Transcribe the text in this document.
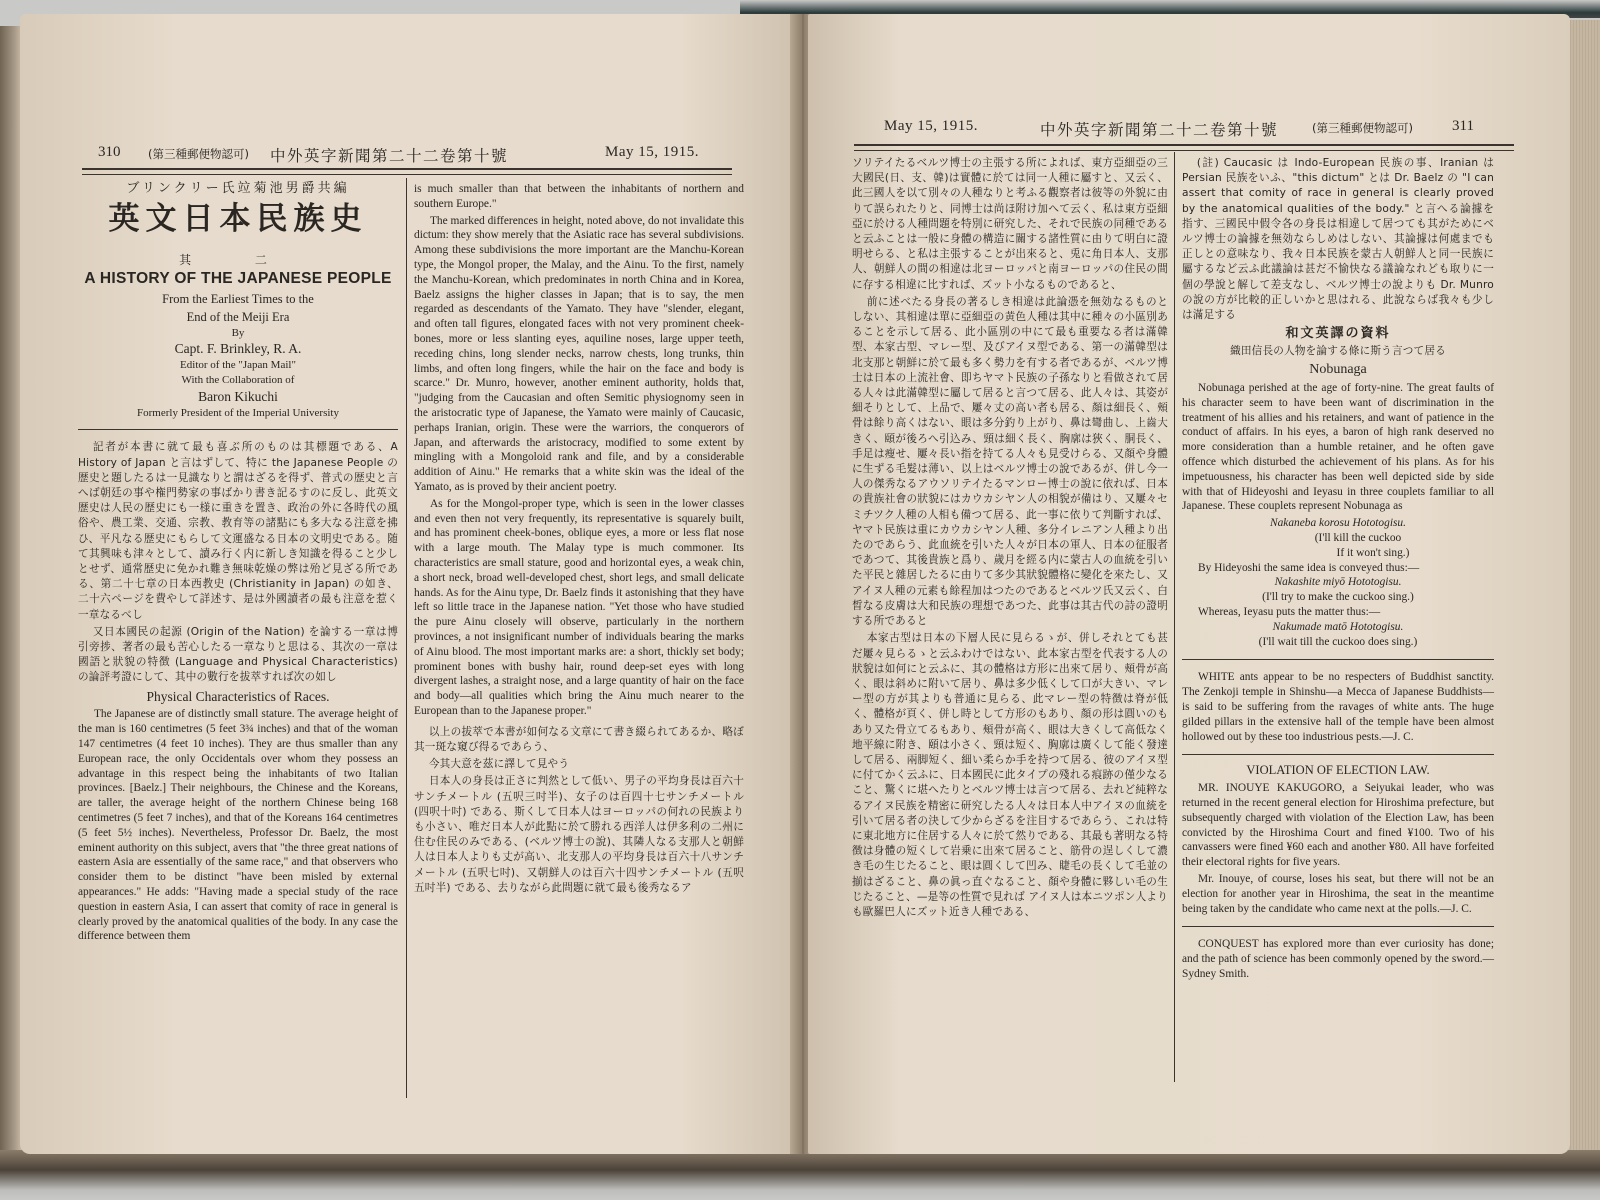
310 (第三種郵便物認可) 中外英字新聞第二十二卷第十號	May 15, 1915.
ブリンクリー氏竝菊池男爵共編
英文日本民族史
其 二
A HISTORY OF THE JAPANESE PEOPLE
From the Earliest Times to the
End of the Meiji Era
By
Capt. F. Brinkley, R. A.
Editor of the "Japan Mail"
With the Collaboration of
Baron Kikuchi
Formerly President of the Imperial University

記者が本書に就て最も喜ぶ所のものは其標題である、A History of Japan と言はずして、特に the Japanese People の歴史と題したるは一見識なりと謂はざるを得ず、普式の歴史と言へば朝廷の事や権門勢家の事ばかり書き記るすのに反し、此英文歴史は人民の歴史にも一様に重きを置き、政治の外に各時代の風俗や、農工業、交通、宗教、教育等の諸點にも多大なる注意を拂ひ、平凡なる歴史にもらして文運盛なる日本の文明史である。随て其興味も津々として、讀み行く内に新しき知識を得ること少しとせず、通常歴史に免かれ難き無味乾燥の弊は殆ど見ざる所である、第二十七章の日本西教史 (Christianity in Japan) の如き、二十六ページを費やして詳述す、是は外國讀者の最も注意を惹く一章なるべし

又日本國民の起源 (Origin of the Nation) を論する一章は博引旁捗、著者の最も苦心したる一章なりと思はる、其次の一章は國語と狀貌の特徴 (Language and Physical Characteristics) の論評考證にして、其中の數行を拔萃すれば次の如し

Physical Characteristics of Races.

The Japanese are of distinctly small stature. The average height of the man is 160 centimetres (5 feet 3¾ inches) and that of the woman 147 centimetres (4 feet 10 inches). They are thus smaller than any European race, the only Occidentals over whom they possess an advantage in this respect being the inhabitants of two Italian provinces. [Baelz.] Their neighbours, the Chinese and the Koreans, are taller, the average height of the northern Chinese being 168 centimetres (5 feet 7 inches), and that of the Koreans 164 centimetres (5 feet 5½ inches). Nevertheless, Professor Dr. Baelz, the most eminent authority on this subject, avers that "the three great nations of eastern Asia are essentially of the same race," and that observers who consider them to be distinct "have been misled by external appearances." He adds: "Having made a special study of the race question in eastern Asia, I can assert that comity of race in general is clearly proved by the anatomical qualities of the body. In any case the difference between them

is much smaller than that between the inhabitants of northern and southern Europe."

The marked differences in height, noted above, do not invalidate this dictum: they show merely that the Asiatic race has several subdivisions. Among these subdivisions the more important are the Manchu-Korean type, the Mongol proper, the Malay, and the Ainu. To the first, namely the Manchu-Korean, which predominates in north China and in Korea, Baelz assigns the higher classes in Japan; that is to say, the men regarded as descendants of the Yamato. They have "slender, elegant, and often tall figures, elongated faces with not very prominent cheek-bones, more or less slanting eyes, aquiline noses, large upper teeth, receding chins, long slender necks, narrow chests, long trunks, thin limbs, and often long fingers, while the hair on the face and body is scarce." Dr. Munro, however, another eminent authority, holds that, "judging from the Caucasian and often Semitic physiognomy seen in the aristocratic type of Japanese, the Yamato were mainly of Caucasic, perhaps Iranian, origin. These were the warriors, the conquerors of Japan, and afterwards the aristocracy, modified to some extent by mingling with a Mongoloid rank and file, and by a considerable addition of Ainu." He remarks that a white skin was the ideal of the Yamato, as is proved by their ancient poetry.

As for the Mongol-proper type, which is seen in the lower classes and even then not very frequently, its representative is squarely built, and has prominent cheek-bones, oblique eyes, a more or less flat nose with a large mouth. The Malay type is much commoner. Its characteristics are small stature, good and horizontal eyes, a weak chin, a short neck, broad well-developed chest, short legs, and small delicate hands. As for the Ainu type, Dr. Baelz finds it astonishing that they have left so little trace in the Japanese nation. "Yet those who have studied the pure Ainu closely will observe, particularly in the northern provinces, a not insignificant number of individuals bearing the marks of Ainu blood. The most important marks are: a short, thickly set body; prominent bones with bushy hair, round deep-set eyes with long divergent lashes, a straight nose, and a large quantity of hair on the face and body—all qualities which bring the Ainu much nearer to the European than to the Japanese proper."

以上の拔萃で本書が如何なる文章にて書き綴られてあるか、略ぼ其一斑な窺び得るであらう、

今其大意を茲に譯して見やう

日本人の身長は正さに判然として低い、男子の平均身長は百六十サンチメートル (五呎三吋半)、女子のは百四十七サンチメートル (四呎十吋) である、斯くして日本人はヨーロッパの何れの民族よりも小さい、唯だ日本人が此點に於て勝れる西洋人は伊多利の二州に住む住民のみである、(ベルツ博士の說)、其隣人なる支那人と朝鮮人は日本人よりも丈が高い、北支那人の平均身長は百六十八サンチメートル (五呎七吋)、又朝鮮人のは百六十四サンチメートル (五呎五吋半) である、去りながら此問題に就て最も後秀なるア

May 15, 1915.	中外英字新聞第二十二卷第十號	(第三種郵便物認可)	311

ソリテイたるベルツ博士の主張する所によれば、東方亞細亞の三大國民(日、支、韓)は實體に於ては同一人種に屬すと、又云く、此三國人を以て別々の人種なりと考ふる觀察者は彼等の外貌に由りて誤られたりと、同博士は尚ほ附け加へて云く、私は東方亞細亞に於ける人種問題を特別に研究した、それで民族の同種であると云ふことは一般に身體の構造に關する諸性質に由りて明白に證明せらる、と私は主張することが出來ると、兎に角日本人、支那人、朝鮮人の間の相違は北ヨーロッパと南ヨーロッパの住民の間に存する相違に比すれば、ズット小なるものであると、

前に述べたる身長の著るしき相違は此論憑を無効なるものとしない、其相違は單に亞細亞の黄色人種は其中に種々の小區別あることを示して居る、此小區別の中にて最も重要なる者は滿韓型、本家古型、マレー型、及びアイヌ型である、第一の滿韓型は北支那と朝鮮に於て最も多く勢力を有する者であるが、ベルツ博士は日本の上流社會、即ちヤマト民族の子孫なりと看做されて居る人々は此滿韓型に屬して居ると言つて居る、此人々は、其姿が細そりとして、上品で、屢々丈の高い者も居る、顏は細長く、頰骨は餘り高くはない、眼は多分釣り上がり、鼻は彎曲し、上齒大きく、頤が後ろへ引込み、頸は細く長く、胸廓は狹く、胴長く、手足は瘦せ、屢々長い指を持てる人々も見受けらる、又顏や身體に生ずる毛髮は薄い、以上はベルツ博士の說であるが、併し今一人の傑秀なるアウソリテイたるマンロー博士の說に依れば、日本の貴族社會の狀貌にはカウカシヤン人の相貌が備はり、又屢々セミチツク人種の人相も備つて居る、此一事に依りて判斷すれば、ヤマト民族は重にカウカシヤン人種、多分イレニアン人種より出たのであらう、此血統を引いた人々が日本の軍人、日本の征服者であつて、其後貴族と爲り、歲月を經る内に蒙古人の血統を引いた平民と雜居したるに由りて多少其狀貌體格に變化を來たし、又アイヌ人種の元素も餘程加はつたのであるとベルツ氏又云く、白晳なる皮膚は大和民族の理想であつた、此事は其古代の詩の證明する所であると

本家古型は日本の下層人民に見らるゝが、併しそれとても甚だ屢々見らるゝと云ふわけではない、此本家古型を代表する人の狀貌は如何にと云ふに、其の體格は方形に出來て居り、頰骨が高く、眼は斜めに附いて居り、鼻は多少低くして口が大きい、マレー型の方が其よりも普通に見らる、此マレー型の特徴は脊が低く、體格が頁く、併し時として方形のもあり、顏の形は圓いのもあり又た骨立てるもあり、頰骨が高く、眼は大きくして高低なく地平線に附き、頤は小さく、頸は短く、胸廓は廣くして能く發達して居る、兩脚短く、細い柔らか手を持つて居る、彼のアイヌ型に付てかく云ふに、日本國民に此タイプの殘れる痕跡の僅少なること、驚くに堪へたりとベルツ博士は言つて居る、去れど純粹なるアイヌ民族を精密に研究したる人々は日本人中アイヌの血統を引いて居る者の決して少からざるを注目するであらう、これは特に東北地方に住居する人々に於て然りである、其最も著明なる特徴は身體の短くして岩乗に出來て居ること、筋骨の逞しくして濃き毛の生じたること、眼は圓くして凹み、睫毛の長くして毛並の揃はざること、鼻の眞っ直ぐなること、顏や身體に夥しい毛の生じたること、—是等の性質で見れば アイヌ人は本ニツポン人よりも歐羅巴人にズット近き人種である、

(註) Caucasic は Indo-European 民族の事、Iranian は Persian 民族をいふ、"this dictum" とは Dr. Baelz の "I can assert that comity of race in general is clearly proved by the anatomical qualities of the body." と言へる論據を指す、三國民中假令各の身長は相違して居つても其がためにベルツ博士の論據を無効ならしめはしない、其論據は何處までも正しとの意味なり、我々日本民族を蒙古人朝鮮人と同一民族に屬するなど云ふ此議論は甚だ不愉快なる議論なれども取りに一個の學說と解して差支なし、ベルツ博士の說よりも Dr. Munro の說の方が比較的正しいかと思はれる、此說ならば我々も少しは滿足する

和文英譯の資料
織田信長の人物を論する條に斯う言つて居る
Nobunaga

Nobunaga perished at the age of forty-nine. The great faults of his character seem to have been want of discrimination in the treatment of his allies and his retainers, and want of patience in the conduct of affairs. In his eyes, a baron of high rank deserved no more consideration than a humble retainer, and he often gave offence which disturbed the achievement of his plans. As for his impetuousness, his character has been well depicted side by side with that of Hideyoshi and Ieyasu in three couplets familiar to all Japanese. These couplets represent Nobunaga as

Nakaneba korosu Hototogisu.
(I'll kill the cuckoo
If it won't sing.)
By Hideyoshi the same idea is conveyed thus:—
Nakashite miyō Hototogisu.
(I'll try to make the cuckoo sing.)
Whereas, Ieyasu puts the matter thus:—
Nakumade matō Hototogisu.
(I'll wait till the cuckoo does sing.)

WHITE ants appear to be no respecters of Buddhist sanctity. The Zenkoji temple in Shinshu—a Mecca of Japanese Buddhists—is said to be suffering from the ravages of white ants. The huge gilded pillars in the extensive hall of the temple have been almost hollowed out by these too industrious pests.—J. C.

VIOLATION OF ELECTION LAW.

MR. INOUYE KAKUGORO, a Seiyukai leader, who was returned in the recent general election for Hiroshima prefecture, but subsequently charged with violation of the Election Law, has been convicted by the Hiroshima Court and fined ¥100. Two of his canvassers were fined ¥60 each and another ¥80. All have forfeited their electoral rights for five years.

Mr. Inouye, of course, loses his seat, but there will not be an election for another year in Hiroshima, the seat in the meantime being taken by the candidate who came next at the polls.—J. C.

CONQUEST has explored more than ever curiosity has done; and the path of science has been commonly opened by the sword.—Sydney Smith.
